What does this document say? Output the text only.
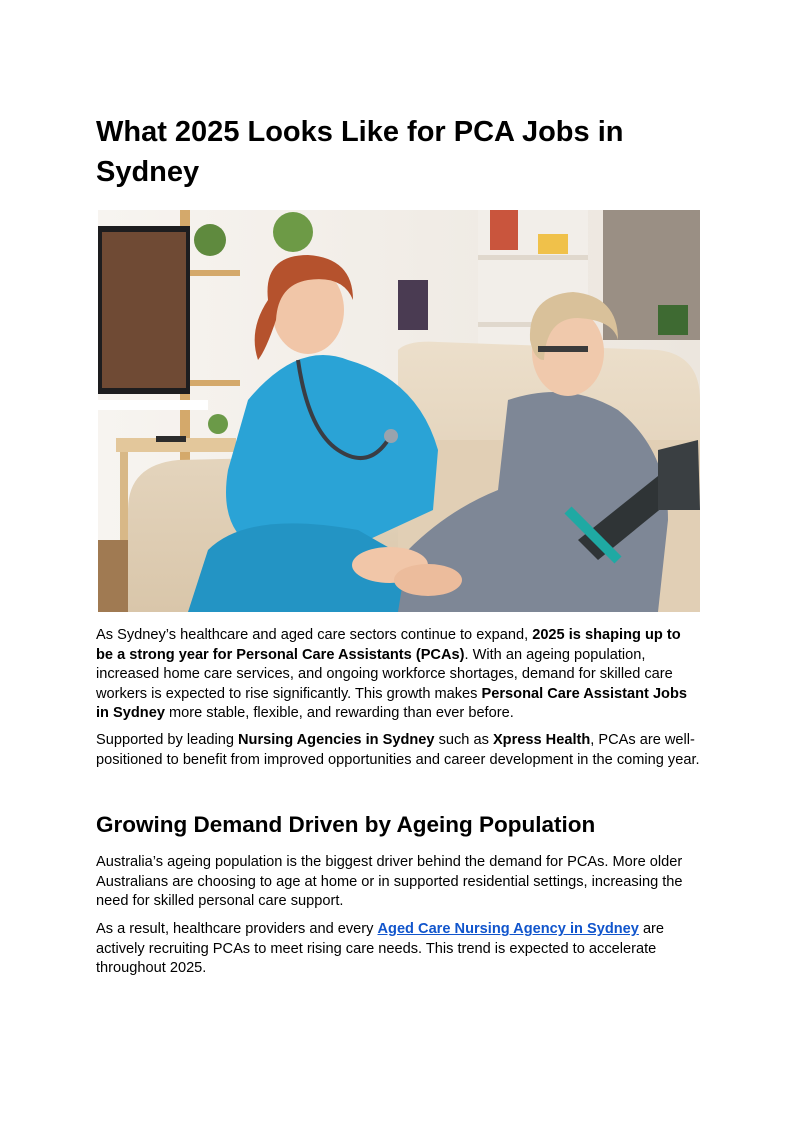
What 2025 Looks Like for PCA Jobs in Sydney

As Sydney’s healthcare and aged care sectors continue to expand, 2025 is shaping up to be a strong year for Personal Care Assistants (PCAs). With an ageing population, increased home care services, and ongoing workforce shortages, demand for skilled care workers is expected to rise significantly. This growth makes Personal Care Assistant Jobs in Sydney more stable, flexible, and rewarding than ever before.

Supported by leading Nursing Agencies in Sydney such as Xpress Health, PCAs are well-positioned to benefit from improved opportunities and career development in the coming year.

Growing Demand Driven by Ageing Population

Australia’s ageing population is the biggest driver behind the demand for PCAs. More older Australians are choosing to age at home or in supported residential settings, increasing the need for skilled personal care support.

As a result, healthcare providers and every Aged Care Nursing Agency in Sydney are actively recruiting PCAs to meet rising care needs. This trend is expected to accelerate throughout 2025.
